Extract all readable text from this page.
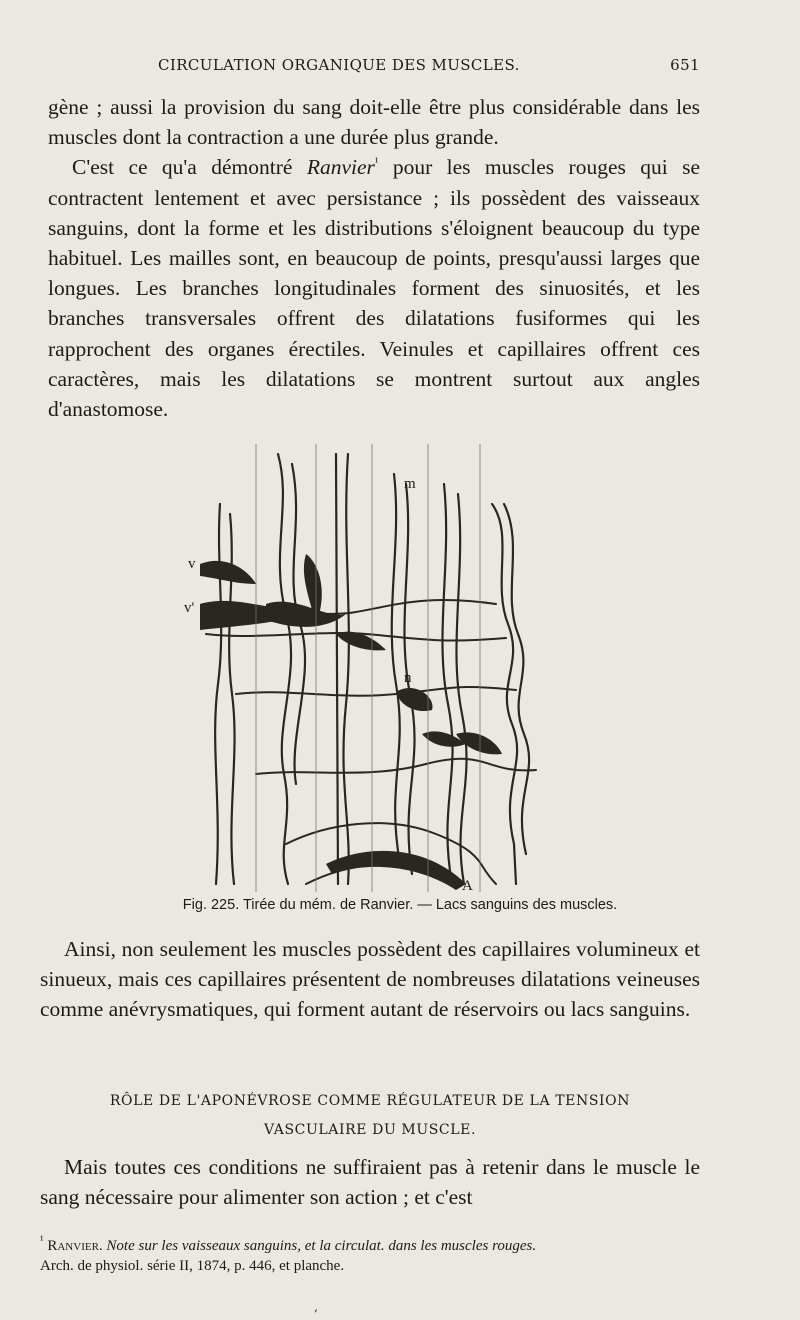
CIRCULATION ORGANIQUE DES MUSCLES.	651

gène ; aussi la provision du sang doit-elle être plus considérable dans les muscles dont la contraction a une durée plus grande.

C'est ce qu'a démontré Ranvier$^{^1}$ pour les muscles rouges qui se contractent lentement et avec persistance ; ils possèdent des vaisseaux sanguins, dont la forme et les distributions s'éloignent beaucoup du type habituel. Les mailles sont, en beaucoup de points, presqu'aussi larges que longues. Les branches longitudinales forment des sinuosités, et les branches transversales offrent des dilatations fusiformes qui les rapprochent des organes érectiles. Veinules et capillaires offrent ces caractères, mais les dilatations se montrent surtout aux angles d'anastomose.

m
n
v
v'
A
Fig. 225. Tirée du mém. de Ranvier. — Lacs sanguins des muscles.

Ainsi, non seulement les muscles possèdent des capillaires volumineux et sinueux, mais ces capillaires présentent de nombreuses dilatations veineuses comme anévrysmatiques, qui forment autant de réservoirs ou lacs sanguins.

RÔLE DE L'APONÉVROSE COMME RÉGULATEUR DE LA TENSION
VASCULAIRE DU MUSCLE.

Mais toutes ces conditions ne suffiraient pas à retenir dans le muscle le sang nécessaire pour alimenter son action ; et c'est

$^{^1}$ Ranvier. Note sur les vaisseaux sanguins, et la circulat. dans les muscles rouges.
Arch. de physiol. série II, 1874, p. 446, et planche.
‚
